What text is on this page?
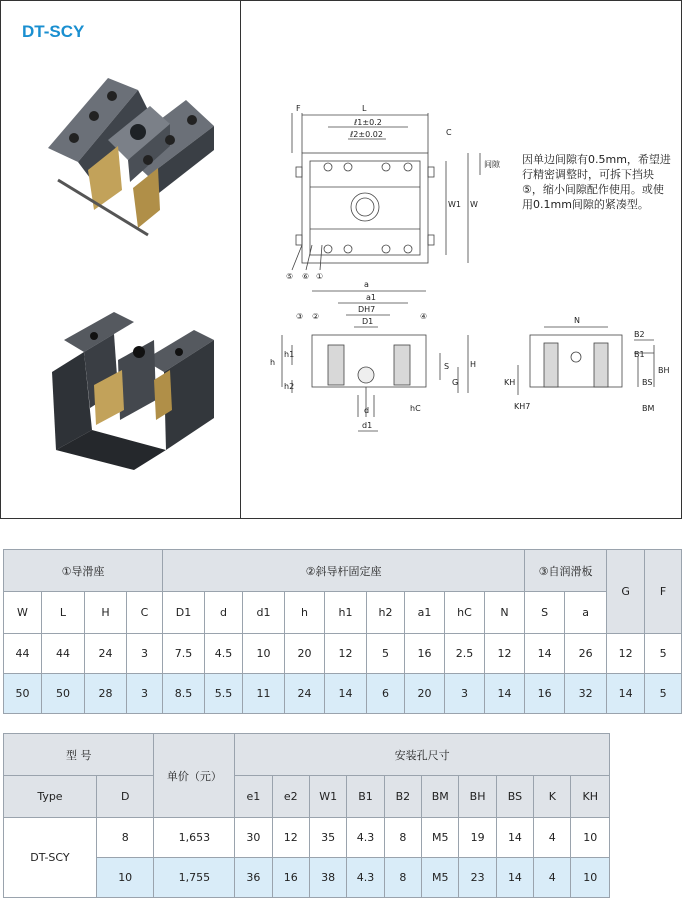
DT-SCY
F	L
ℓ1±0.2
ℓ2±0.02	C
间隙
W1 W
⑤ ⑥ ①
a
a1
DH7
D1
③ ②	④
h
h1
h2
S
G
H
hC
d
d1
N
B2
B1
BH
BS
BM
KH
KH7
因单边间隙有0.5mm，希望进行精密调整时，可拆下挡块⑤，缩小间隙配作使用。或使用0.1mm间隙的紧凑型。
①导滑座				②斜导杆固定座									③自润滑板		G	F
W	L	H	C	D1	d	d1	h	h1	h2	a1	hC	N	S	a		
44	44	24	3	7.5	4.5	10	20	12	5	16	2.5	12	14	26	12	5
50	50	28	3	8.5	5.5	11	24	14	6	20	3	14	16	32	14	5
型 号		单价（元）	安装孔尺寸									
Type	D		e1	e2	W1	B1	B2	BM	BH	BS	K	KH
DT-SCY	8	1,653	30	12	35	4.3	8	M5	19	14	4	10
	10	1,755	36	16	38	4.3	8	M5	23	14	4	10
